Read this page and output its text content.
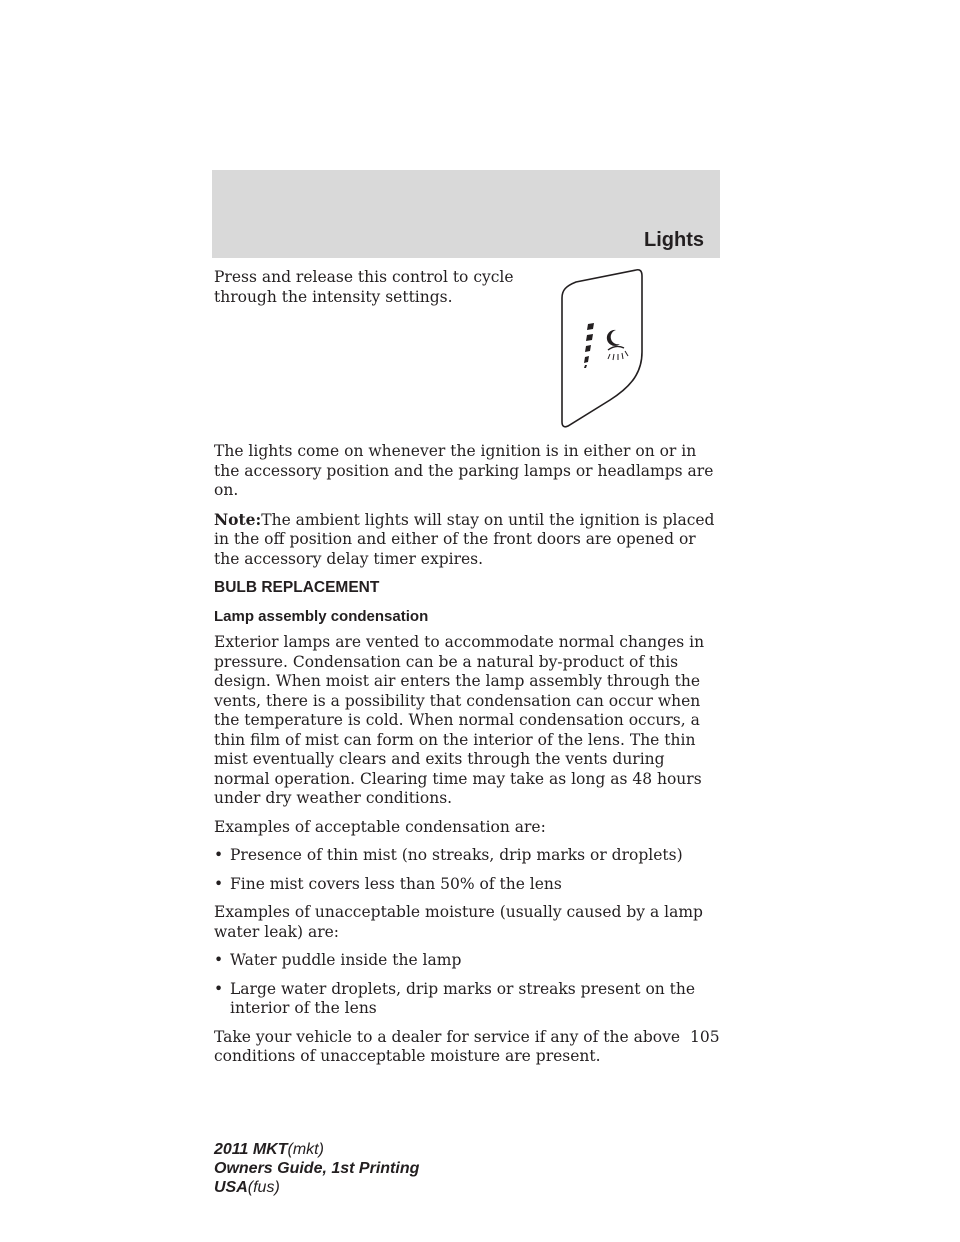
Lights

Press and release this control to cycle through the intensity settings.

The lights come on whenever the ignition is in either on or in the accessory position and the parking lamps or headlamps are on.

Note:The ambient lights will stay on until the ignition is placed in the off position and either of the front doors are opened or the accessory delay timer expires.

BULB REPLACEMENT
Lamp assembly condensation

Exterior lamps are vented to accommodate normal changes in pressure. Condensation can be a natural by-product of this design. When moist air enters the lamp assembly through the vents, there is a possibility that condensation can occur when the temperature is cold. When normal condensation occurs, a thin film of mist can form on the interior of the lens. The thin mist eventually clears and exits through the vents during normal operation. Clearing time may take as long as 48 hours under dry weather conditions.

Examples of acceptable condensation are:

• Presence of thin mist (no streaks, drip marks or droplets)
• Fine mist covers less than 50% of the lens

Examples of unacceptable moisture (usually caused by a lamp water leak) are:

• Water puddle inside the lamp
• Large water droplets, drip marks or streaks present on the interior of the lens

Take your vehicle to a dealer for service if any of the above conditions of unacceptable moisture are present.

105
2011 MKT(mkt)
Owners Guide, 1st Printing
USA(fus)
